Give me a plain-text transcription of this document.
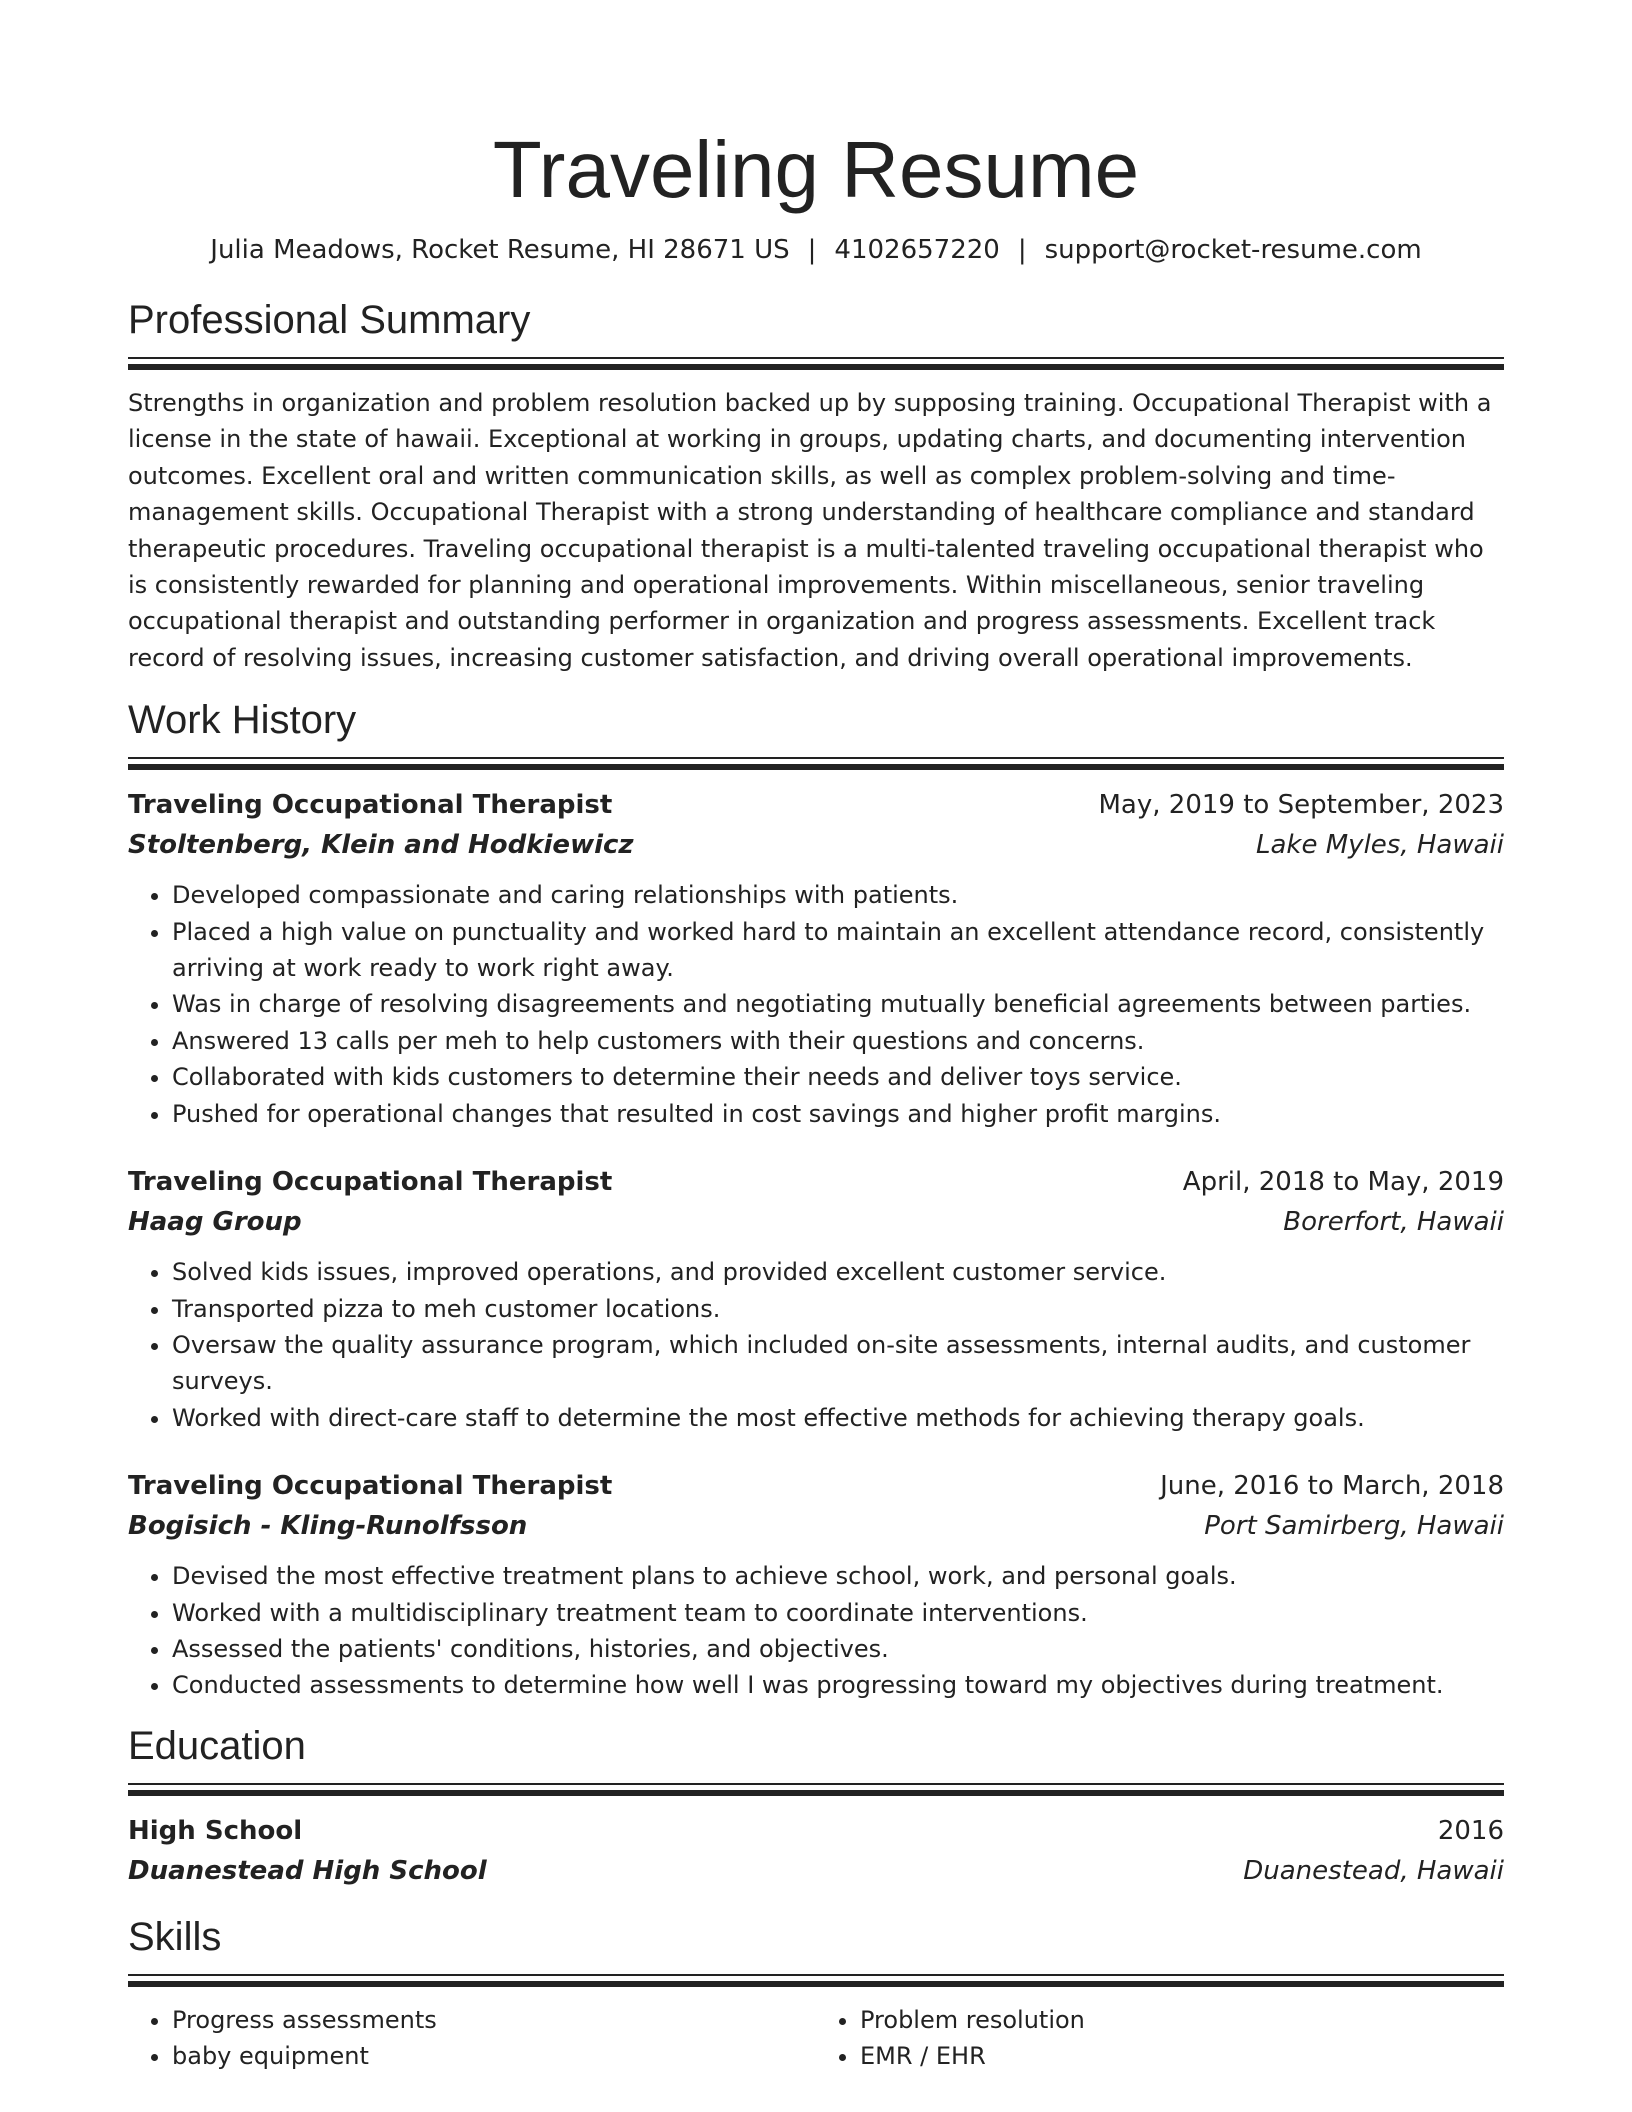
Traveling Resume
Julia Meadows, Rocket Resume, HI 28671 US | 4102657220 | support@rocket-resume.com
Professional Summary

Strengths in organization and problem resolution backed up by supposing training. Occupational Therapist with a license in the state of hawaii. Exceptional at working in groups, updating charts, and documenting intervention outcomes. Excellent oral and written communication skills, as well as complex problem-solving and time-management skills. Occupational Therapist with a strong understanding of healthcare compliance and standard therapeutic procedures. Traveling occupational therapist is a multi-talented traveling occupational therapist who is consistently rewarded for planning and operational improvements. Within miscellaneous, senior traveling occupational therapist and outstanding performer in organization and progress assessments. Excellent track record of resolving issues, increasing customer satisfaction, and driving overall operational improvements.

Work History
Traveling Occupational Therapist	May, 2019 to September, 2023
Stoltenberg, Klein and Hodkiewicz	Lake Myles, Hawaii
• Developed compassionate and caring relationships with patients.
• Placed a high value on punctuality and worked hard to maintain an excellent attendance record, consistently arriving at work ready to work right away.
• Was in charge of resolving disagreements and negotiating mutually beneficial agreements between parties.
• Answered 13 calls per meh to help customers with their questions and concerns.
• Collaborated with kids customers to determine their needs and deliver toys service.
• Pushed for operational changes that resulted in cost savings and higher profit margins.
Traveling Occupational Therapist	April, 2018 to May, 2019
Haag Group	Borerfort, Hawaii
• Solved kids issues, improved operations, and provided excellent customer service.
• Transported pizza to meh customer locations.
• Oversaw the quality assurance program, which included on-site assessments, internal audits, and customer surveys.
• Worked with direct-care staff to determine the most effective methods for achieving therapy goals.
Traveling Occupational Therapist	June, 2016 to March, 2018
Bogisich - Kling-Runolfsson	Port Samirberg, Hawaii
• Devised the most effective treatment plans to achieve school, work, and personal goals.
• Worked with a multidisciplinary treatment team to coordinate interventions.
• Assessed the patients' conditions, histories, and objectives.
• Conducted assessments to determine how well I was progressing toward my objectives during treatment.
Education
High School	2016
Duanestead High School	Duanestead, Hawaii
Skills
• Progress assessments
• baby equipment
• Problem resolution
• EMR / EHR
